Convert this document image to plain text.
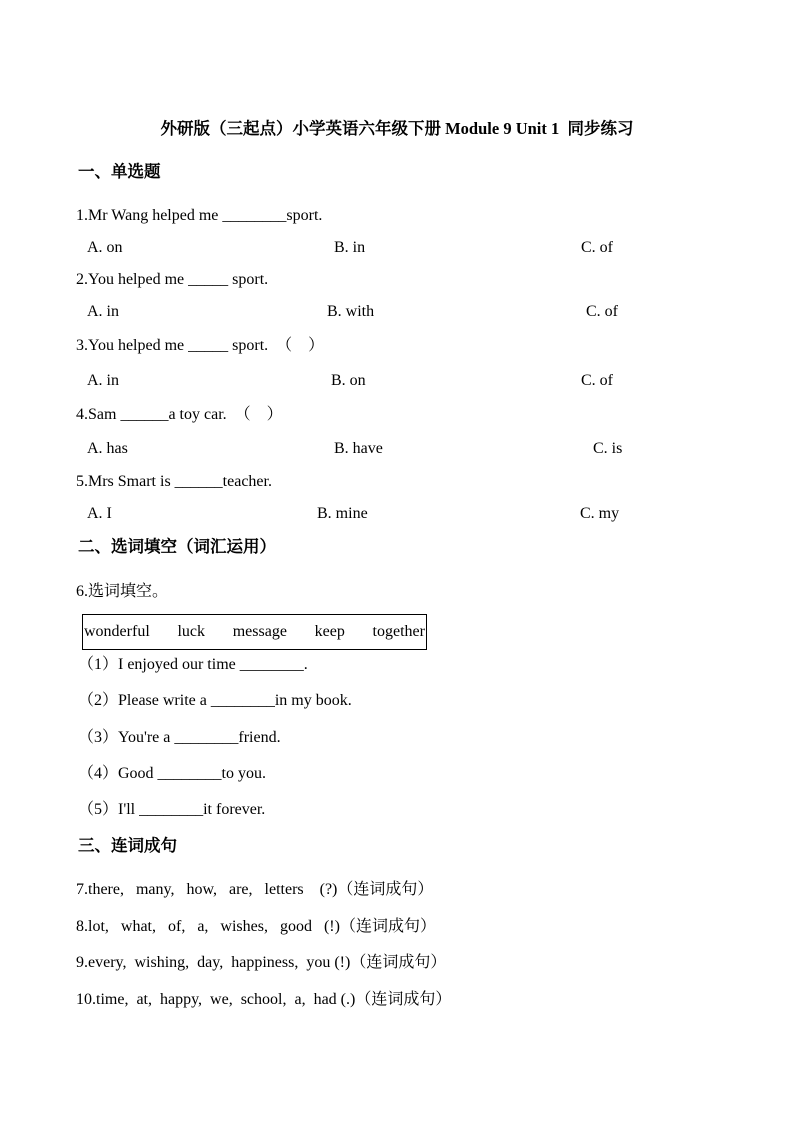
外研版（三起点）小学英语六年级下册 Module 9 Unit 1  同步练习
一、单选题
1.Mr Wang helped me ________sport.
A. on	B. in	C. of
2.You helped me _____ sport.
A. in	B. with	C. of
3.You helped me _____ sport.  （    ）
A. in	B. on	C. of
4.Sam ______a toy car.  （    ）
A. has	B. have	C. is
5.Mrs Smart is ______teacher.
A. I	B. mine	C. my
二、选词填空（词汇运用）
6.选词填空。
wonderful luck message keep together
（1）I enjoyed our time ________.
（2）Please write a ________in my book.
（3）You're a ________friend.
（4）Good ________to you.
（5）I'll ________it forever.
三、连词成句
7.there,   many,   how,   are,   letters    (?)（连词成句）
8.lot,   what,   of,   a,   wishes,   good   (!)（连词成句）
9.every,  wishing,  day,  happiness,  you (!)（连词成句）
10.time,  at,  happy,  we,  school,  a,  had (.)（连词成句）
